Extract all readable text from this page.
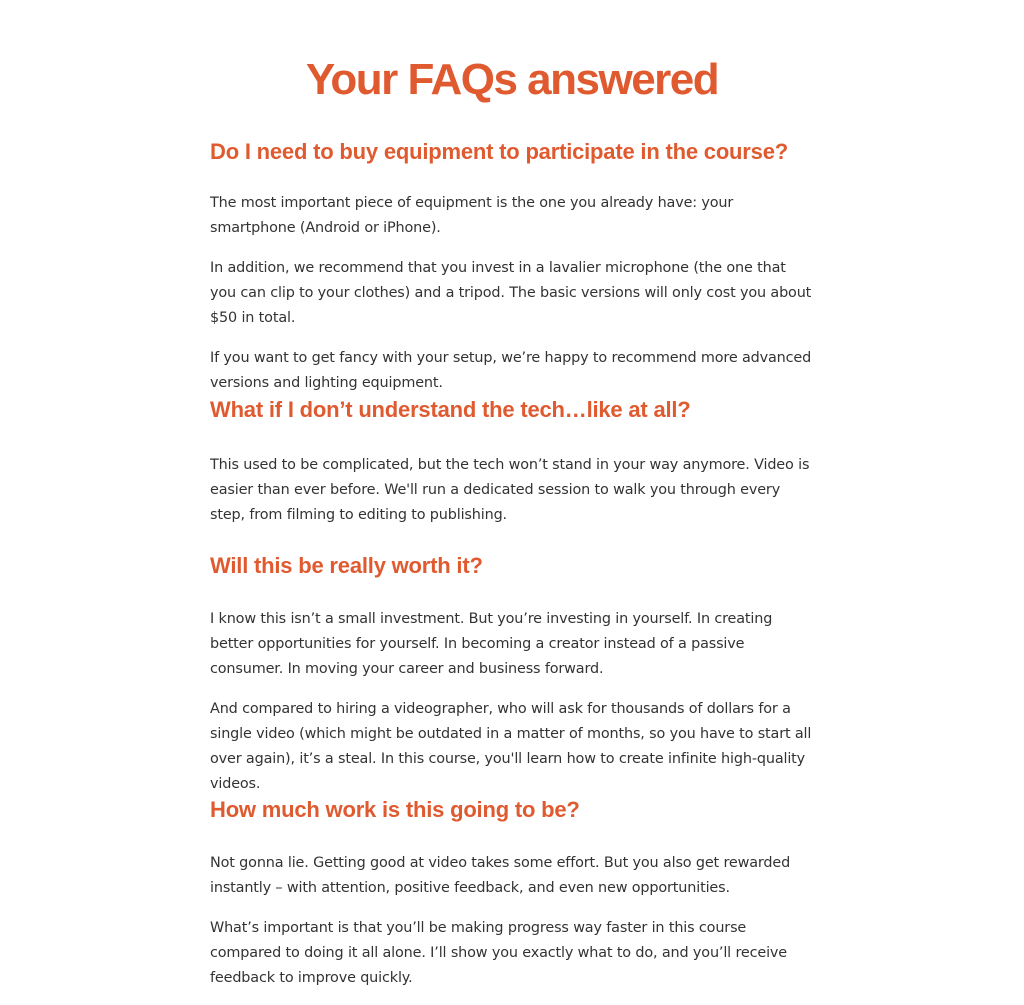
Your FAQs answered
Do I need to buy equipment to participate in the course?

The most important piece of equipment is the one you already have: your smartphone (Android or iPhone).

In addition, we recommend that you invest in a lavalier microphone (the one that you can clip to your clothes) and a tripod. The basic versions will only cost you about $50 in total.

If you want to get fancy with your setup, we’re happy to recommend more advanced versions and lighting equipment.

What if I don’t understand the tech…like at all?

This used to be complicated, but the tech won’t stand in your way anymore. Video is easier than ever before. We'll run a dedicated session to walk you through every step, from filming to editing to publishing.

Will this be really worth it?

I know this isn’t a small investment. But you’re investing in yourself. In creating better opportunities for yourself. In becoming a creator instead of a passive consumer. In moving your career and business forward.

And compared to hiring a videographer, who will ask for thousands of dollars for a single video (which might be outdated in a matter of months, so you have to start all over again), it’s a steal. In this course, you'll learn how to create infinite high-quality videos.

How much work is this going to be?

Not gonna lie. Getting good at video takes some effort. But you also get rewarded instantly – with attention, positive feedback, and even new opportunities.

What’s important is that you’ll be making progress way faster in this course compared to doing it all alone. I’ll show you exactly what to do, and you’ll receive feedback to improve quickly.
